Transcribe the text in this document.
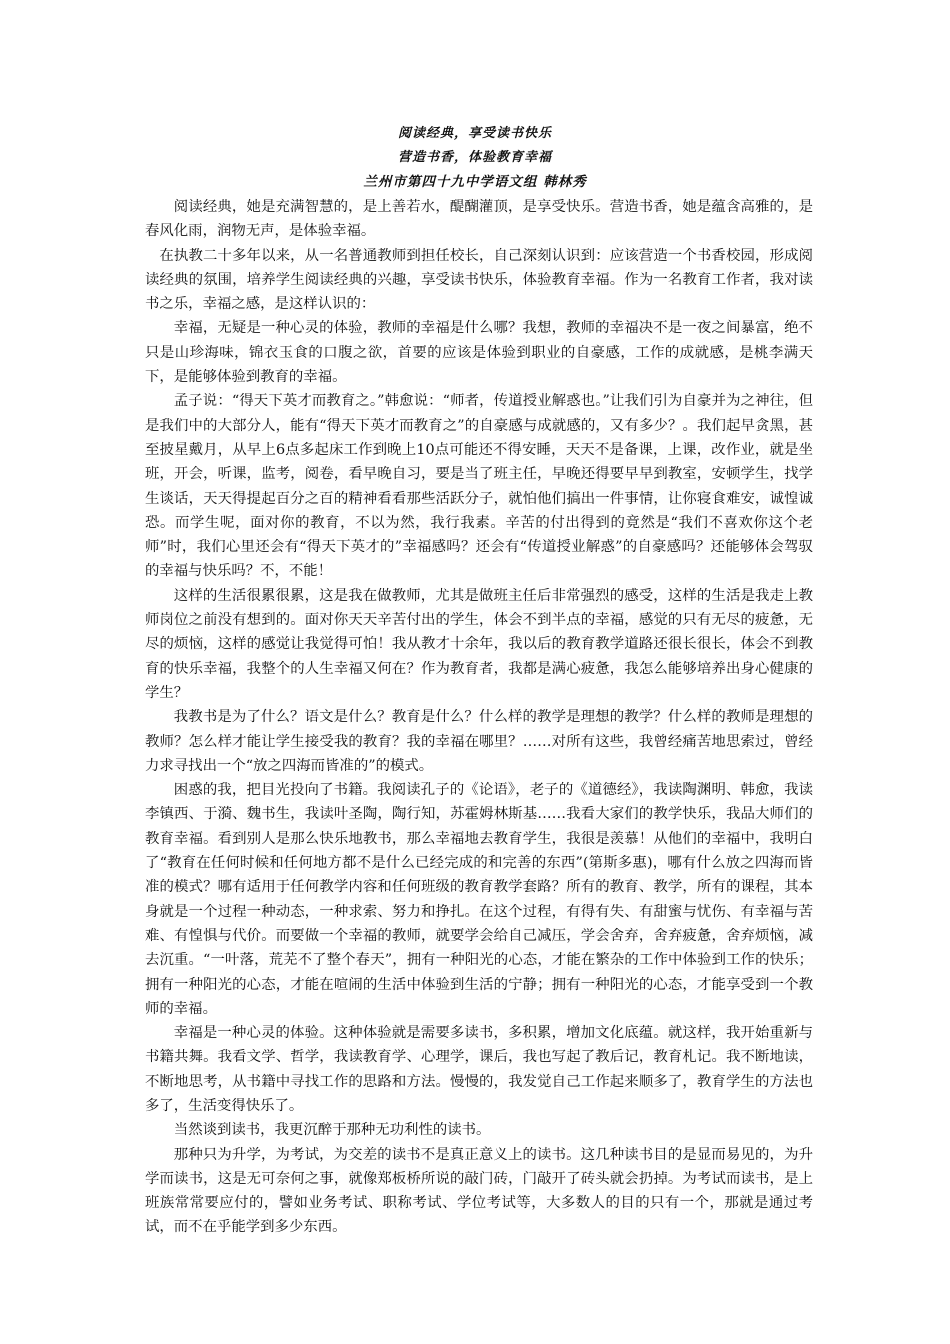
阅读经典，享受读书快乐
营造书香，体验教育幸福
兰州市第四十九中学语文组 韩林秀

阅读经典，她是充满智慧的，是上善若水，醍醐灌顶，是享受快乐。营造书香，她是蕴含高雅的，是春风化雨，润物无声，是体验幸福。

在执教二十多年以来，从一名普通教师到担任校长，自己深刻认识到：应该营造一个书香校园，形成阅读经典的氛围，培养学生阅读经典的兴趣，享受读书快乐，体验教育幸福。作为一名教育工作者，我对读书之乐，幸福之感，是这样认识的：

幸福，无疑是一种心灵的体验，教师的幸福是什么哪？我想，教师的幸福决不是一夜之间暴富，绝不只是山珍海味，锦衣玉食的口腹之欲，首要的应该是体验到职业的自豪感，工作的成就感，是桃李满天下，是能够体验到教育的幸福。

孟子说：“得天下英才而教育之。”韩愈说：“师者，传道授业解惑也。”让我们引为自豪并为之神往，但是我们中的大部分人，能有“得天下英才而教育之”的自豪感与成就感的，又有多少？。我们起早贪黑，甚至披星戴月，从早上6点多起床工作到晚上10点可能还不得安睡，天天不是备课，上课，改作业，就是坐班，开会，听课，监考，阅卷，看早晚自习，要是当了班主任，早晚还得要早早到教室，安顿学生，找学生谈话，天天得提起百分之百的精神看看那些活跃分子，就怕他们搞出一件事情，让你寝食难安，诚惶诚恐。而学生呢，面对你的教育，不以为然，我行我素。辛苦的付出得到的竟然是“我们不喜欢你这个老师”时，我们心里还会有“得天下英才的”幸福感吗？还会有“传道授业解惑”的自豪感吗？还能够体会驾驭的幸福与快乐吗？不，不能！

这样的生活很累很累，这是我在做教师，尤其是做班主任后非常强烈的感受，这样的生活是我走上教师岗位之前没有想到的。面对你天天辛苦付出的学生，体会不到半点的幸福，感觉的只有无尽的疲惫，无尽的烦恼，这样的感觉让我觉得可怕！我从教才十余年，我以后的教育教学道路还很长很长，体会不到教育的快乐幸福，我整个的人生幸福又何在？作为教育者，我都是满心疲惫，我怎么能够培养出身心健康的学生？

我教书是为了什么？语文是什么？教育是什么？什么样的教学是理想的教学？什么样的教师是理想的教师？怎么样才能让学生接受我的教育？我的幸福在哪里？……对所有这些，我曾经痛苦地思索过，曾经力求寻找出一个“放之四海而皆准的”的模式。

困惑的我，把目光投向了书籍。我阅读孔子的《论语》，老子的《道德经》，我读陶渊明、韩愈，我读李镇西、于漪、魏书生，我读叶圣陶，陶行知，苏霍姆林斯基……我看大家们的教学快乐，我品大师们的教育幸福。看到别人是那么快乐地教书，那么幸福地去教育学生，我很是羡慕！从他们的幸福中，我明白了“教育在任何时候和任何地方都不是什么已经完成的和完善的东西”(第斯多惠)，哪有什么放之四海而皆准的模式？哪有适用于任何教学内容和任何班级的教育教学套路？所有的教育、教学，所有的课程，其本身就是一个过程一种动态，一种求索、努力和挣扎。在这个过程，有得有失、有甜蜜与忧伤、有幸福与苦难、有惶惧与代价。而要做一个幸福的教师，就要学会给自己减压，学会舍弃，舍弃疲惫，舍弃烦恼，减去沉重。“一叶落，荒芜不了整个春天”，拥有一种阳光的心态，才能在繁杂的工作中体验到工作的快乐；拥有一种阳光的心态，才能在喧闹的生活中体验到生活的宁静；拥有一种阳光的心态，才能享受到一个教师的幸福。

幸福是一种心灵的体验。这种体验就是需要多读书，多积累，增加文化底蕴。就这样，我开始重新与书籍共舞。我看文学、哲学，我读教育学、心理学，课后，我也写起了教后记，教育札记。我不断地读，不断地思考，从书籍中寻找工作的思路和方法。慢慢的，我发觉自己工作起来顺多了，教育学生的方法也多了，生活变得快乐了。

当然谈到读书，我更沉醉于那种无功利性的读书。

那种只为升学，为考试，为交差的读书不是真正意义上的读书。这几种读书目的是显而易见的，为升学而读书，这是无可奈何之事，就像郑板桥所说的敲门砖，门敲开了砖头就会扔掉。为考试而读书，是上班族常常要应付的，譬如业务考试、职称考试、学位考试等，大多数人的目的只有一个，那就是通过考试，而不在乎能学到多少东西。
